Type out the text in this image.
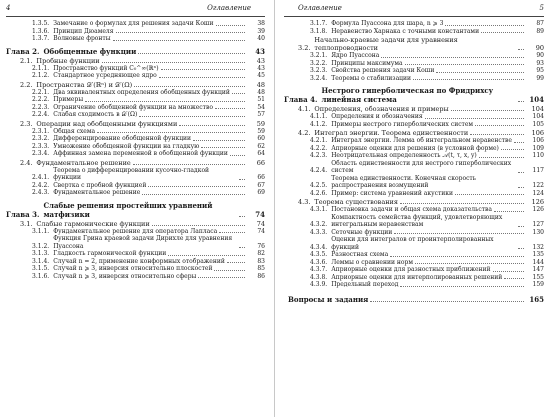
4	Оглавление
1.3.5. Замечание о формулах для решения задачи Коши	38
1.3.6. Принцип Дюамеля	39
1.3.7. Волновые фронты	40
Глава 2. Обобщенные функции	43
2.1. Пробные функции	43
2.1.1. Пространство функций C₀^∞(ℝⁿ)	43
2.1.2. Стандартное усредняющее ядро	45
2.2. Пространства 𝒟′(ℝⁿ) и 𝒟′(Ω)	48
2.2.1. Два эквивалентных определения обобщенных функций	48
2.2.2. Примеры	51
2.2.3. Ограничение обобщенной функции на множество	54
2.2.4. Слабая сходимость в 𝒟′(Ω)	57
2.3. Операции над обобщенными функциями	59
2.3.1. Общая схема	59
2.3.2. Дифференцирование обобщенной функции	60
2.3.3. Умножение обобщенной функции на гладкую	62
2.3.4. Аффинная замена переменной в обобщенной функции	64
2.4. Фундаментальное решение	66
2.4.1.
Теорема о дифференцировании кусочно-гладкой функции	66
2.4.2. Свертка с пробной функцией	67
2.4.3. Фундаментальное решение	69
Глава 3.
Слабые решения простейших уравнений матфизики	74
3.1. Слабые гармонические функции	74
3.1.1. Фундаментальное решение для оператора Лапласа	74
3.1.2.
Функция Грина краевой задачи Дирихле для уравнения Пуассона	76
3.1.3. Гладкость гармонической функции	82
3.1.4. Случай n = 2, применение конформных отображений	83
3.1.5. Случай n ⩾ 3, инверсия относительно плоскостей	85
3.1.6. Случай n ⩾ 3, инверсия относительно сферы	86
Оглавление	5
3.1.7. Формула Пуассона для шара, n ⩾ 3	87
3.1.8. Неравенство Харнака с точными константами	89
3.2.
Начально-краевые задачи для уравнения теплопроводности	90
3.2.1. Ядро Пуассона	90
3.2.2. Принципы максимума	93
3.2.3. Свойства решения задачи Коши	95
3.2.4. Теоремы о стабилизации	99
Глава 4.
Нестрого гиперболическая по Фридрихсу линейная система	104
4.1. Определения, обозначения и примеры	104
4.1.1. Определения и обозначения	104
4.1.2. Примеры нестрого гиперболических систем	105
4.2. Интеграл энергии. Теорема единственности	106
4.2.1. Интеграл энергии. Лемма об интегральном неравенстве	106
4.2.2. Априорные оценки для решения (в условной форме)	109
4.2.3. Неотрицательная определенность 𝒜(t, τ, x, y)	110
4.2.4.
Область единственности для нестрого гиперболических систем	117
4.2.5.
Теорема единственности. Конечная скорость распространения возмущений	122
4.2.6. Пример: система уравнений акустики	124
4.3. Теорема существования	126
4.3.1. Постановка задачи и общая схема доказательства	126
4.3.2.
Компактность семейства функций, удовлетворяющих интегральным неравенствам	127
4.3.3. Сеточные функции	130
4.3.4.
Оценки для интегралов от проинтерполированных функций	132
4.3.5. Разностная схема	135
4.3.6. Леммы о сравнении норм	144
4.3.7. Априорные оценки для разностных приближений	147
4.3.8. Априорные оценки для интерполированных решений	155
4.3.9. Предельный переход	159
Вопросы и задания	165
